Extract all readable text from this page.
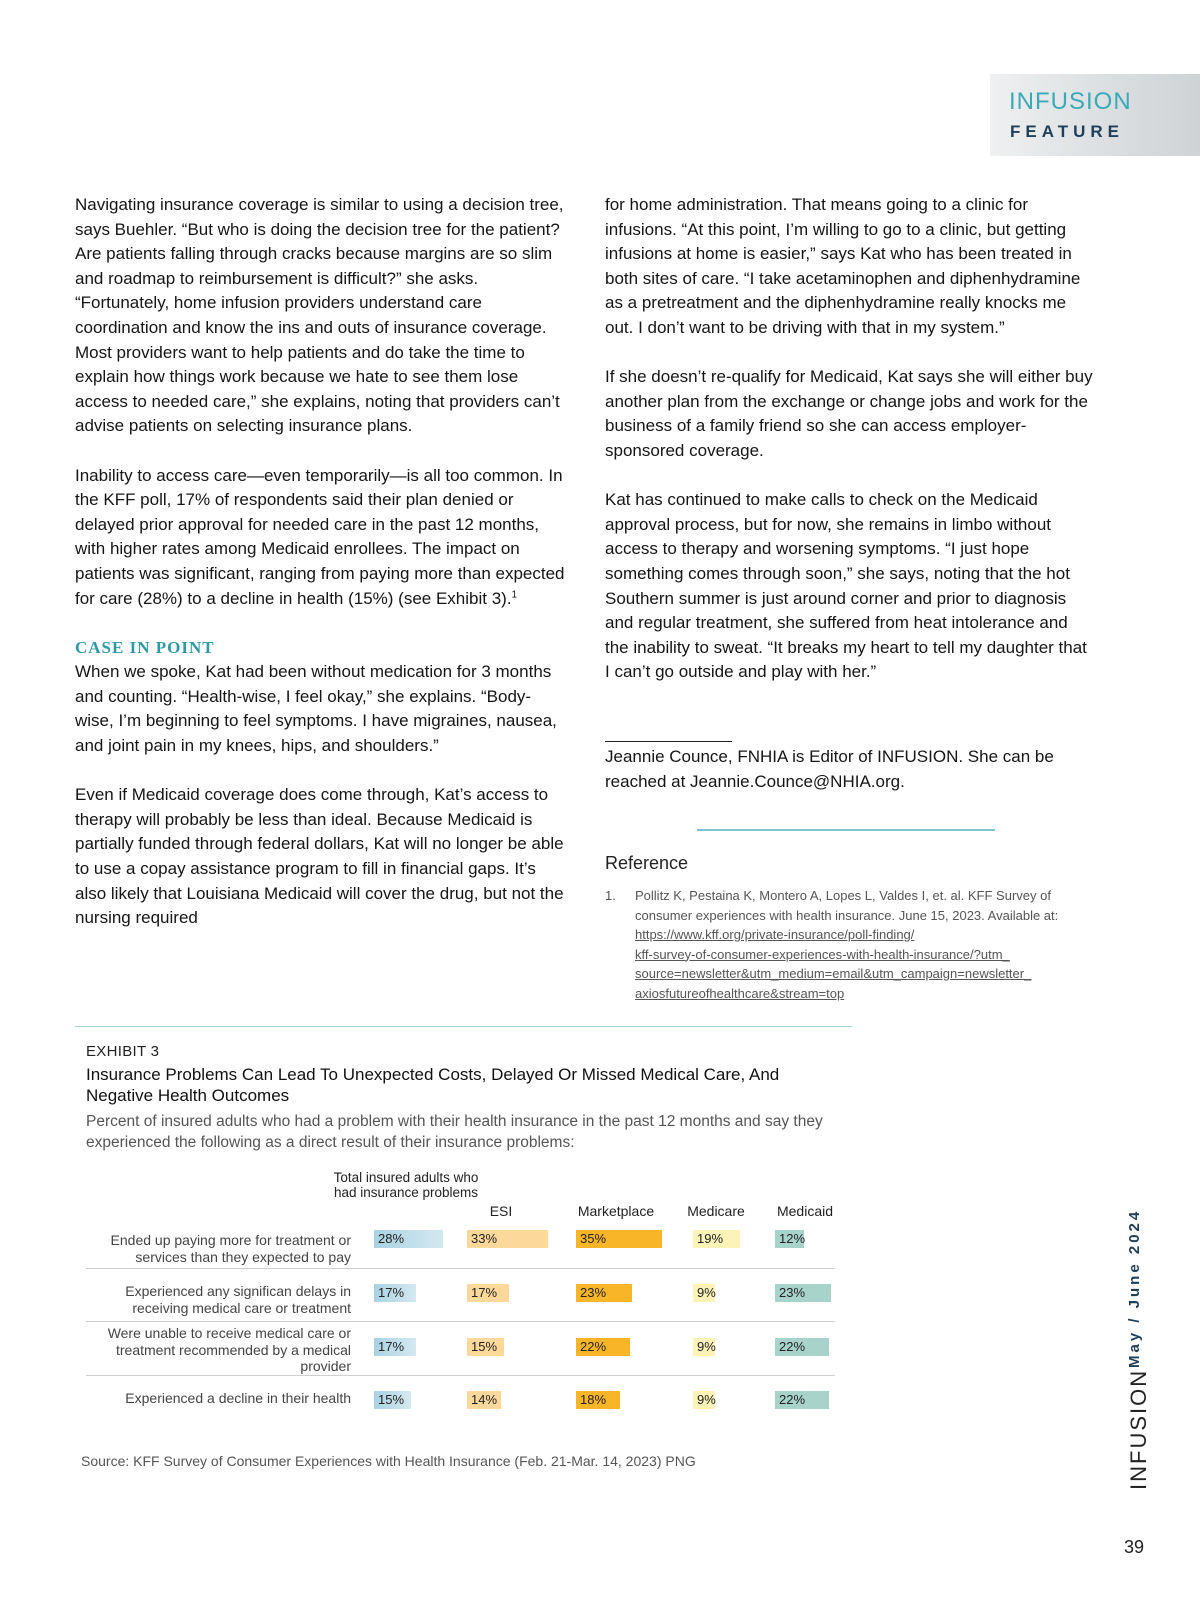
INFUSION
FEATURE

Navigating insurance coverage is similar to using a decision tree, says Buehler. “But who is doing the decision tree for the patient? Are patients falling through cracks because margins are so slim and roadmap to reimbursement is difficult?” she asks. “Fortunately, home infusion providers understand care coordination and know the ins and outs of insurance coverage. Most providers want to help patients and do take the time to explain how things work because we hate to see them lose access to needed care,” she explains, noting that providers can’t advise patients on selecting insurance plans.

Inability to access care—even temporarily—is all too common. In the KFF poll, 17% of respondents said their plan denied or delayed prior approval for needed care in the past 12 months, with higher rates among Medicaid enrollees. The impact on patients was significant, ranging from paying more than expected for care (28%) to a decline in health (15%) (see Exhibit 3).$^1$

CASE IN POINT

When we spoke, Kat had been without medication for 3 months and counting. “Health-wise, I feel okay,” she explains. “Body-wise, I’m beginning to feel symptoms. I have migraines, nausea, and joint pain in my knees, hips, and shoulders.”

Even if Medicaid coverage does come through, Kat’s access to therapy will probably be less than ideal. Because Medicaid is partially funded through federal dollars, Kat will no longer be able to use a copay assistance program to fill in financial gaps. It’s also likely that Louisiana Medicaid will cover the drug, but not the nursing required

for home administration. That means going to a clinic for infusions. “At this point, I’m willing to go to a clinic, but getting infusions at home is easier,” says Kat who has been treated in both sites of care. “I take acetaminophen and diphenhydramine as a pretreatment and the diphenhydramine really knocks me out. I don’t want to be driving with that in my system.”

If she doesn’t re-qualify for Medicaid, Kat says she will either buy another plan from the exchange or change jobs and work for the business of a family friend so she can access employer-sponsored coverage.

Kat has continued to make calls to check on the Medicaid approval process, but for now, she remains in limbo without access to therapy and worsening symptoms. “I just hope something comes through soon,” she says, noting that the hot Southern summer is just around corner and prior to diagnosis and regular treatment, she suffered from heat intolerance and the inability to sweat. “It breaks my heart to tell my daughter that I can’t go outside and play with her.”

Jeannie Counce, FNHIA is Editor of INFUSION. She can be reached at Jeannie.Counce@NHIA.org.
Reference
1. Pollitz K, Pestaina K, Montero A, Lopes L, Valdes I, et. al. KFF Survey of consumer experiences with health insurance. June 15, 2023. Available at:
https://www.kff.org/private-insurance/poll-finding/
kff-survey-of-consumer-experiences-with-health-insurance/?utm_
source=newsletter&utm_medium=email&utm_campaign=newsletter_
axiosfutureofhealthcare&stream=top
EXHIBIT 3
Insurance Problems Can Lead To Unexpected Costs, Delayed Or Missed Medical Care, And Negative Health Outcomes
Percent of insured adults who had a problem with their health insurance in the past 12 months and say they experienced the following as a direct result of their insurance problems:
Total insured adults who had insurance problems
ESI	Marketplace	Medicare	Medicaid
Ended up paying more for treatment or services than they expected to pay
28%	33%	35%	19%	12%
Experienced any significan delays in receiving medical care or treatment
17%	17%	23%	9%	23%
Were unable to receive medical care or treatment recommended by a medical provider
17%	15%	22%	9%	22%
Experienced a decline in their health 15%	14%	18%	9%	22%
Source: KFF Survey of Consumer Experiences with Health Insurance (Feb. 21-Mar. 14, 2023) PNG
May / June 2024
INFUSION
39
